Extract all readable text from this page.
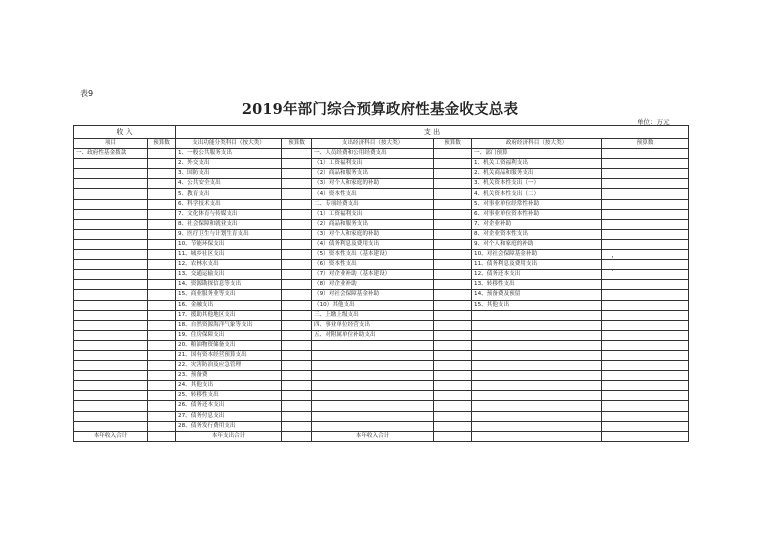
表9
2019年部门综合预算政府性基金收支总表
单位：万元
·
·
收 入		支 出					
项目	预算数	支出功能分类科目（按大类）	预算数	支出经济科目（按大类）	预算数	政府经济科目（按大类）	预算数
一、政府性基金拨款		1、一般公共服务支出		一、人员经费和公用经费支出		一、部门预算	
		2、外交支出		（1）工资福利支出		1、机关工资福利支出	
		3、国防支出		（2）商品和服务支出		2、机关商品和服务支出	
		4、公共安全支出		（3）对个人和家庭的补助		3、机关资本性支出（一）	
		5、教育支出		（4）资本性支出		4、机关资本性支出（二）	
		6、科学技术支出		二、专项经费支出		5、对事业单位经常性补助	
		7、文化体育与传媒支出		（1）工资福利支出		6、对事业单位资本性补助	
		8、社会保障和就业支出		（2）商品和服务支出		7、对企业补助	
		9、医疗卫生与计划生育支出		（3）对个人和家庭的补助		8、对企业资本性支出	
		10、节能环保支出		（4）债务利息及费用支出		9、对个人和家庭的补助	
		11、城乡社区支出		（5）资本性支出（基本建设）		10、对社会保障基金补助	
		12、农林水支出		（6）资本性支出		11、债务利息及费用支出	
		13、交通运输支出		（7）对企业补助（基本建设）		12、债务还本支出	
		14、资源勘探信息等支出		（8）对企业补助		13、转移性支出	
		15、商业服务业等支出		（9）对社会保障基金补助		14、预备费及预留	
		16、金融支出		（10）其他支出		15、其他支出	
		17、援助其他地区支出		三、上缴上级支出			
		18、自然资源海洋气象等支出		四、事业单位经营支出			
		19、住房保障支出		五、对附属单位补助支出			
		20、粮油物资储备支出					
		21、国有资本经营预算支出					
		22、灾害防治及应急管理					
		23、预备费					
		24、其他支出					
		25、转移性支出					
		26、债务还本支出					
		27、债务付息支出					
		28、债务发行费用支出					
本年收入合计		本年支出合计		本年收入合计			
